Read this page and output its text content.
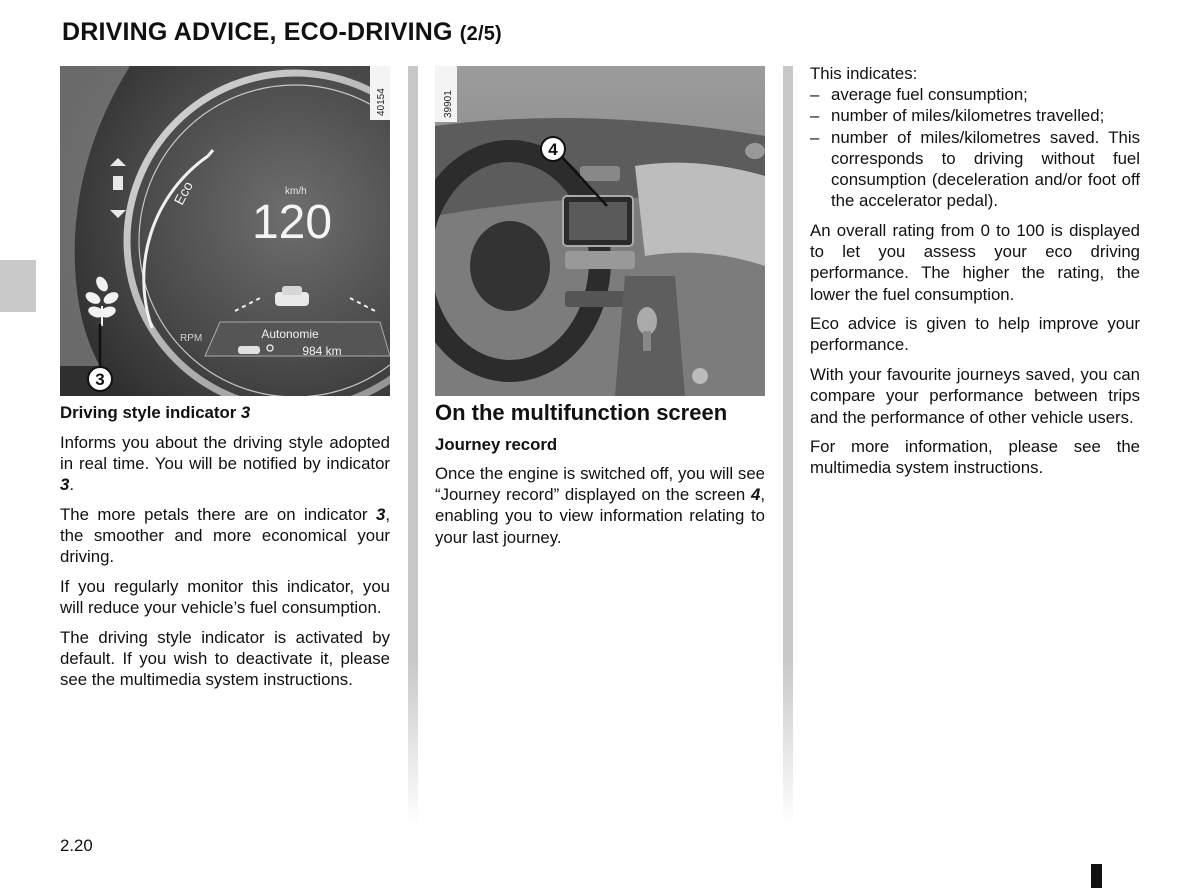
DRIVING ADVICE, ECO-DRIVING (2/5)
Eco	km/h
120
RPM	Autonomie
984 km
40154
3
39901
4

Driving style indicator 3

Informs you about the driving style adopted in real time. You will be notified by indicator 3.

The more petals there are on indicator 3, the smoother and more economical your driving.

If you regularly monitor this indicator, you will reduce your vehicle’s fuel consumption.

The driving style indicator is activated by default. If you wish to deactivate it, please see the multimedia system instructions.

On the multifunction screen

Journey record

Once the engine is switched off, you will see “Journey record” displayed on the screen 4, enabling you to view information relating to your last journey.

This indicates:

– average fuel consumption;
– number of miles/kilometres travelled;
– number of miles/kilometres saved. This corresponds to driving without fuel consumption (deceleration and/or foot off the accelerator pedal).

An overall rating from 0 to 100 is displayed to let you assess your eco driving performance. The higher the rating, the lower the fuel consumption.

Eco advice is given to help improve your performance.

With your favourite journeys saved, you can compare your performance between trips and the performance of other vehicle users.

For more information, please see the multimedia system instructions.

2.20
